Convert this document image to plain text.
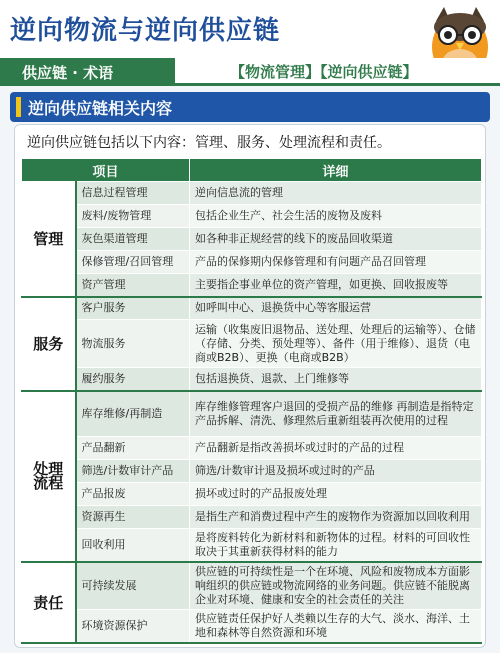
逆向物流与逆向供应链
供应链 · 术语	【物流管理】【逆向供应链】
逆向供应链相关内容
逆向供应链包括以下内容：管理、服务、处理流程和责任。
项目		详细
管理	信息过程管理	逆向信息流的管理
	废料/废物管理	包括企业生产、社会生活的废物及废料
	灰色渠道管理	如各种非正规经营的线下的废品回收渠道
	保修管理/召回管理	产品的保修期内保修管理和有问题产品召回管理
	资产管理	主要指企事业单位的资产管理，如更换、回收报废等
服务	客户服务	如呼叫中心、退换货中心等客服运营
	物流服务	运输（收集废旧退物品、送处理、处理后的运输等）、仓储（存储、分类、预处理等）、备件（用于维修）、退货（电商或B2B）、更换（电商或B2B）
	履约服务	包括退换货、退款、上门维修等
处理流程	库存维修/再制造	库存维修管理客户退回的受损产品的维修 再制造是指特定产品拆解、清洗、修理然后重新组装再次使用的过程
	产品翻新	产品翻新是指改善损坏或过时的产品的过程
	筛选/计数审计产品	筛选/计数审计退及损坏或过时的产品
	产品报废	损坏或过时的产品报废处理
	资源再生	是指生产和消费过程中产生的废物作为资源加以回收利用
	回收利用	是将废料转化为新材料和新物体的过程。材料的可回收性取决于其重新获得材料的能力
责任	可持续发展	供应链的可持续性是一个在环境、风险和废物成本方面影响组织的供应链或物流网络的业务问题。供应链不能脱离企业对环境、健康和安全的社会责任的关注
	环境资源保护	供应链责任保护好人类赖以生存的大气、淡水、海洋、土地和森林等自然资源和环境
